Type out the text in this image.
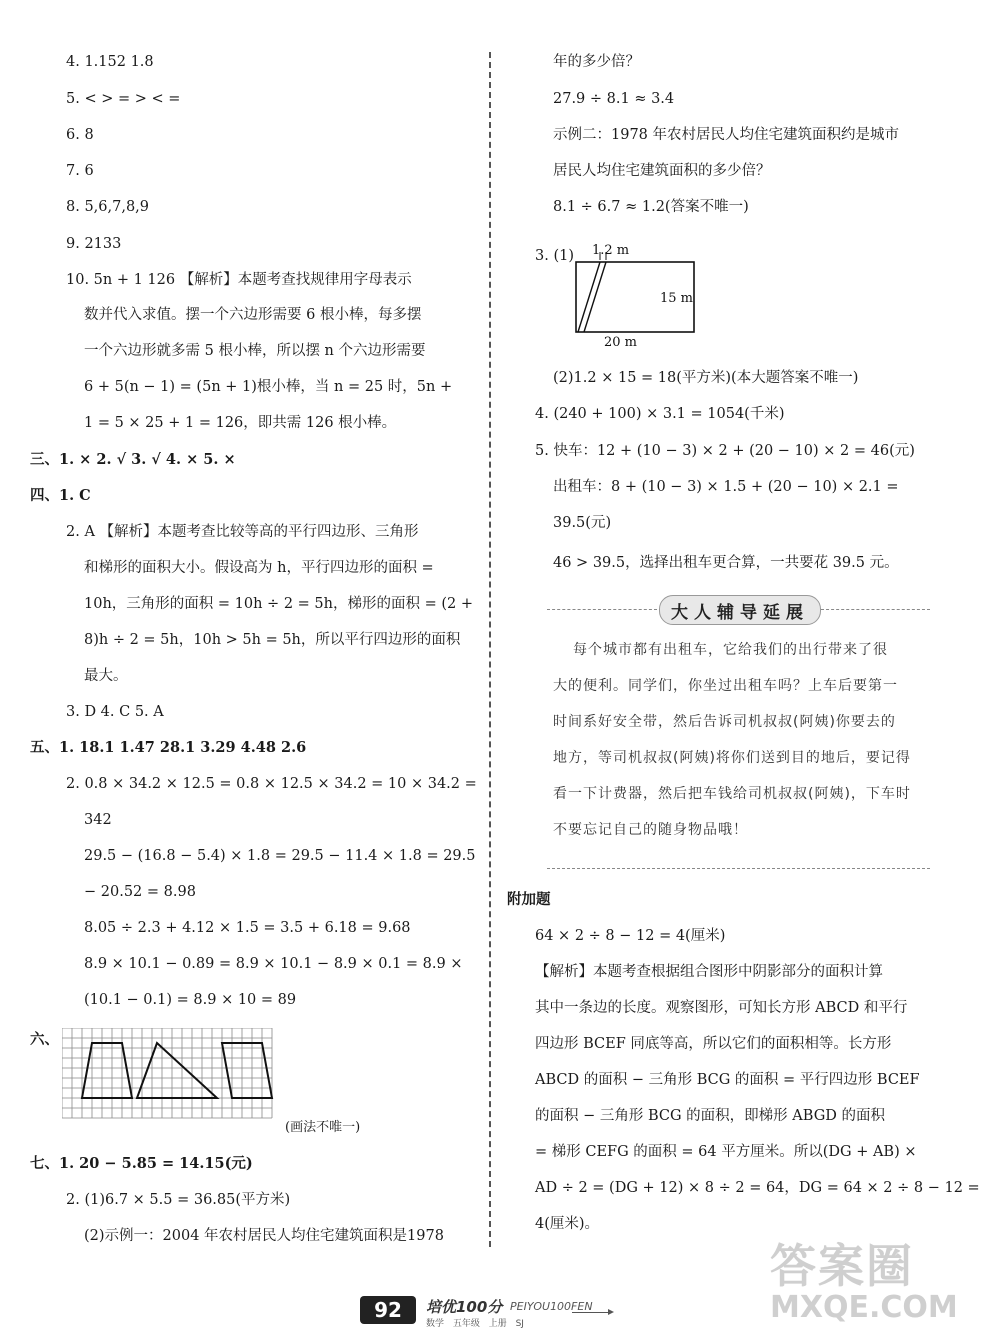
4. 1.152 1.8
5. < > = > < =
6. 8
7. 6
8. 5,6,7,8,9
9. 2133
10. 5n + 1 126 【解析】本题考查找规律用字母表示
数并代入求值。摆一个六边形需要 6 根小棒，每多摆
一个六边形就多需 5 根小棒，所以摆 n 个六边形需要
6 + 5(n − 1) = (5n + 1)根小棒，当 n = 25 时，5n +
1 = 5 × 25 + 1 = 126，即共需 126 根小棒。
三、1. × 2. √ 3. √ 4. × 5. ×
四、1. C
2. A 【解析】本题考查比较等高的平行四边形、三角形
和梯形的面积大小。假设高为 h，平行四边形的面积 =
10h，三角形的面积 = 10h ÷ 2 = 5h，梯形的面积 = (2 +
8)h ÷ 2 = 5h，10h > 5h = 5h，所以平行四边形的面积
最大。
3. D 4. C 5. A
五、1. 18.1 1.47 28.1 3.29 4.48 2.6
2. 0.8 × 34.2 × 12.5 = 0.8 × 12.5 × 34.2 = 10 × 34.2 =
342
29.5 − (16.8 − 5.4) × 1.8 = 29.5 − 11.4 × 1.8 = 29.5
− 20.52 = 8.98
8.05 ÷ 2.3 + 4.12 × 1.5 = 3.5 + 6.18 = 9.68
8.9 × 10.1 − 0.89 = 8.9 × 10.1 − 8.9 × 0.1 = 8.9 ×
(10.1 − 0.1) = 8.9 × 10 = 89
六、
(画法不唯一)
七、1. 20 − 5.85 = 14.15(元)
2. (1)6.7 × 5.5 = 36.85(平方米)
(2)示例一：2004 年农村居民人均住宅建筑面积是1978
年的多少倍？
27.9 ÷ 8.1 ≈ 3.4
示例二：1978 年农村居民人均住宅建筑面积约是城市
居民人均住宅建筑面积的多少倍？
8.1 ÷ 6.7 ≈ 1.2(答案不唯一)
3. (1) 1.2 m
15 m
20 m
(2)1.2 × 15 = 18(平方米)(本大题答案不唯一)
4. (240 + 100) × 3.1 = 1054(千米)
5. 快车：12 + (10 − 3) × 2 + (20 − 10) × 2 = 46(元)
出租车：8 + (10 − 3) × 1.5 + (20 − 10) × 2.1 =
39.5(元)
46 > 39.5，选择出租车更合算，一共要花 39.5 元。
大人辅导延展
每个城市都有出租车，它给我们的出行带来了很
大的便利。同学们，你坐过出租车吗？上车后要第一
时间系好安全带，然后告诉司机叔叔(阿姨)你要去的
地方，等司机叔叔(阿姨)将你们送到目的地后，要记得
看一下计费器，然后把车钱给司机叔叔(阿姨)，下车时
不要忘记自己的随身物品哦！
附加题
64 × 2 ÷ 8 − 12 = 4(厘米)
【解析】本题考查根据组合图形中阴影部分的面积计算
其中一条边的长度。观察图形，可知长方形 ABCD 和平行
四边形 BCEF 同底等高，所以它们的面积相等。长方形
ABCD 的面积 − 三角形 BCG 的面积 = 平行四边形 BCEF
的面积 − 三角形 BCG 的面积，即梯形 ABGD 的面积
= 梯形 CEFG 的面积 = 64 平方厘米。所以(DG + AB) ×
AD ÷ 2 = (DG + 12) × 8 ÷ 2 = 64，DG = 64 × 2 ÷ 8 − 12 =
4(厘米)。
92	培优100分 PEIYOU100FEN
数学 五年级 上册 SJ
答案圈
MXQE.COM
